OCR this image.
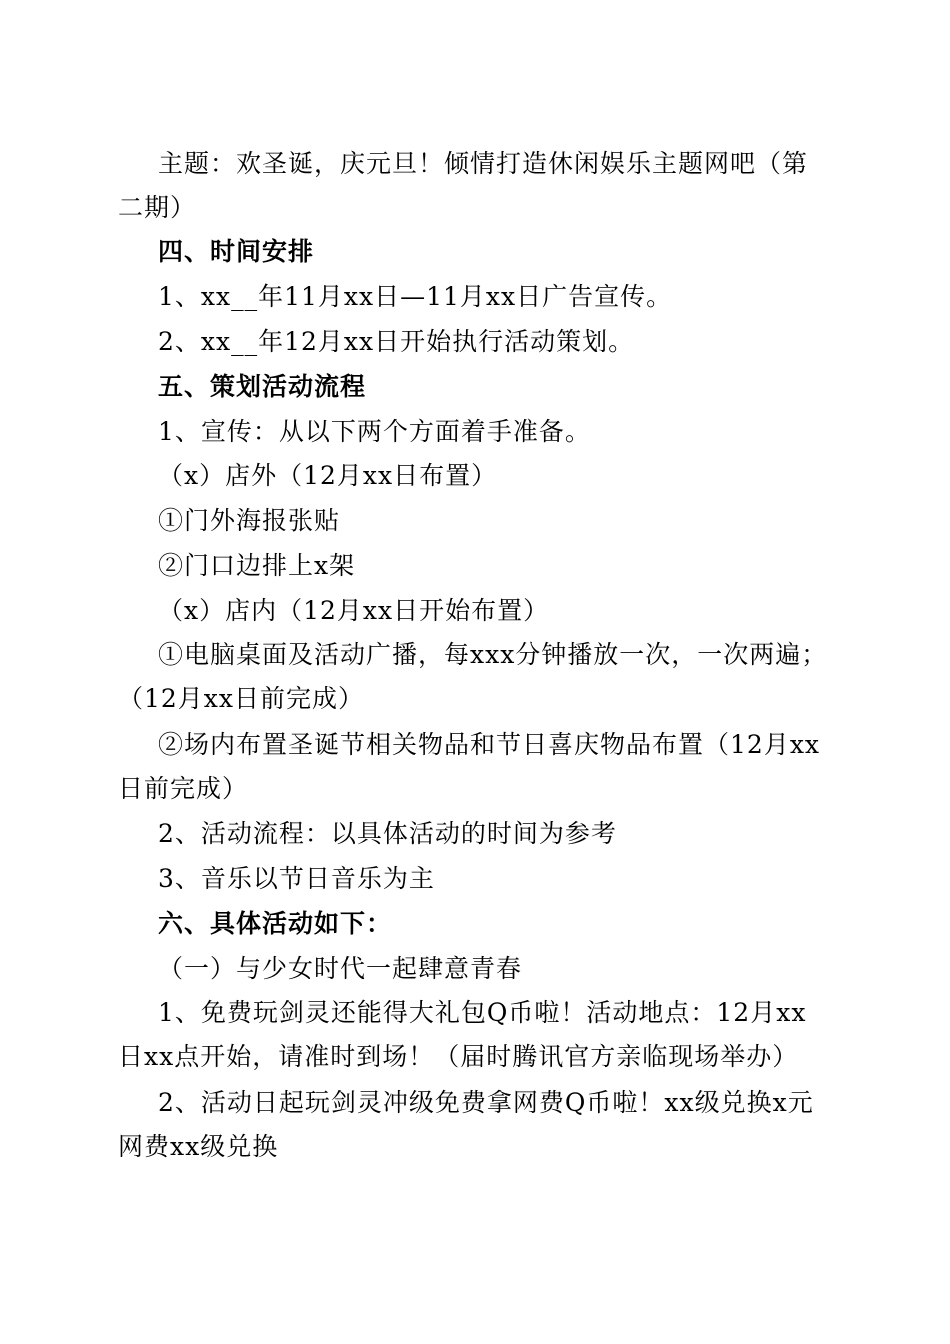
主题：欢圣诞，庆元旦！倾情打造休闲娱乐主题网吧（第二期）
四、时间安排
1、xx__年11月xx日—11月xx日广告宣传。
2、xx__年12月xx日开始执行活动策划。
五、策划活动流程
1、宣传：从以下两个方面着手准备。
（x）店外（12月xx日布置）
①门外海报张贴
②门口边排上x架
（x）店内（12月xx日开始布置）
①电脑桌面及活动广播，每xxx分钟播放一次，一次两遍；（12月xx日前完成）
②场内布置圣诞节相关物品和节日喜庆物品布置（12月xx日前完成）
2、活动流程：以具体活动的时间为参考
3、音乐以节日音乐为主
六、具体活动如下：
（一）与少女时代一起肆意青春
1、免费玩剑灵还能得大礼包Q币啦！活动地点：12月xx日xx点开始，请准时到场！（届时腾讯官方亲临现场举办）
2、活动日起玩剑灵冲级免费拿网费Q币啦！xx级兑换x元网费xx级兑换
